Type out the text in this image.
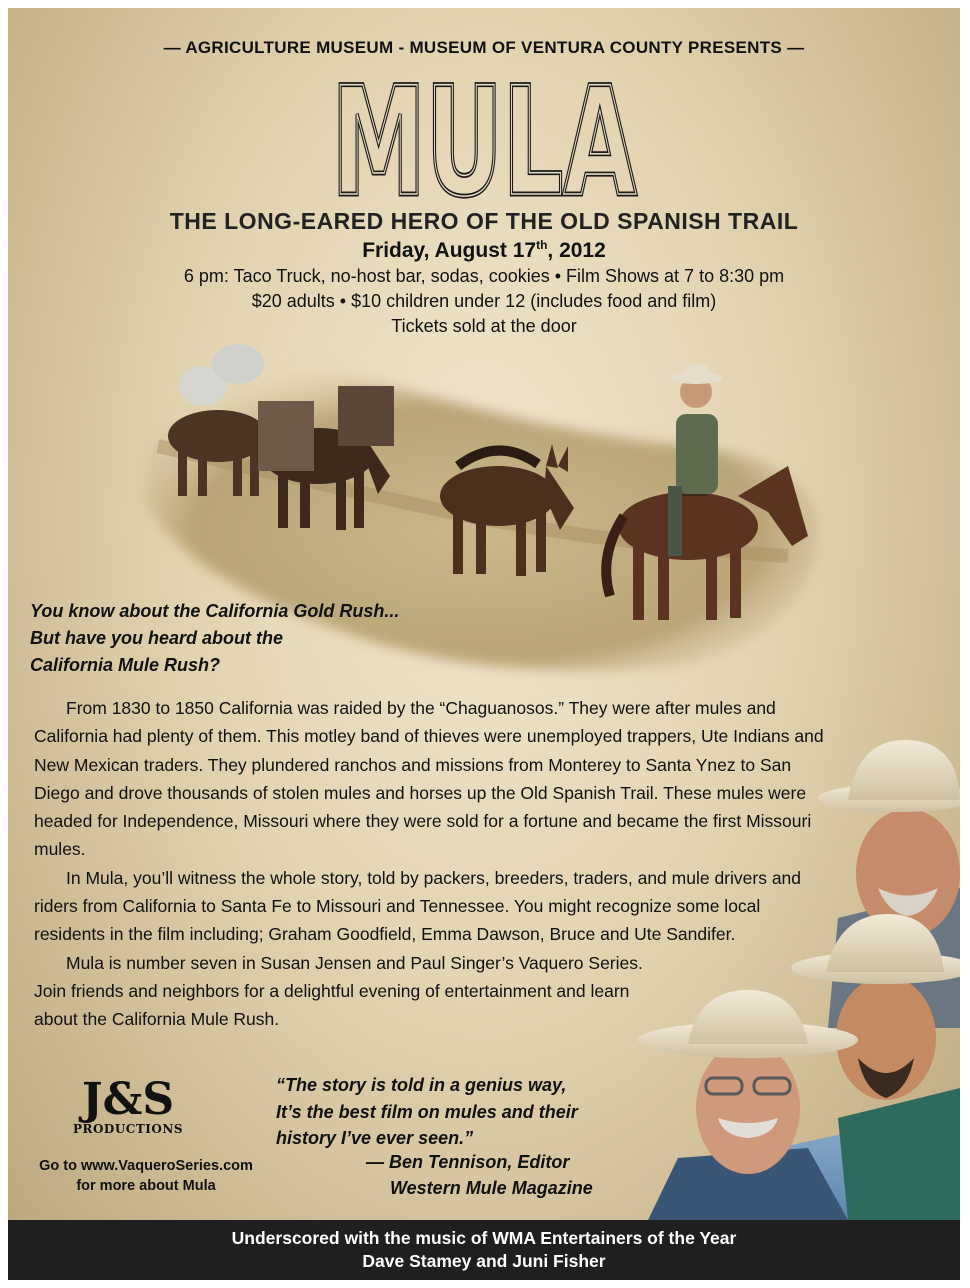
— AGRICULTURE MUSEUM - MUSEUM OF VENTURA COUNTY PRESENTS —
MULA
MULA
THE LONG-EARED HERO OF THE OLD SPANISH TRAIL
Friday, August 17th, 2012
6 pm: Taco Truck, no-host bar, sodas, cookies • Film Shows at 7 to 8:30 pm
$20 adults • $10 children under 12 (includes food and film)
Tickets sold at the door
You know about the California Gold Rush...
But have you heard about the
California Mule Rush?

From 1830 to 1850 California was raided by the “Chaguanosos.” They were after mules and California had plenty of them. This motley band of thieves were unemployed trappers, Ute Indians and New Mexican traders. They plundered ranchos and missions from Monterey to Santa Ynez to San Diego and drove thousands of stolen mules and horses up the Old Spanish Trail. These mules were headed for Independence, Missouri where they were sold for a fortune and became the first Missouri mules.

In Mula, you’ll witness the whole story, told by packers, breeders, traders, and mule drivers and riders from California to Santa Fe to Missouri and Tennessee. You might recognize some local residents in the film including; Graham Goodfield, Emma Dawson, Bruce and Ute Sandifer.

Mula is number seven in Susan Jensen and Paul Singer’s Vaquero Series. Join friends and neighbors for a delightful evening of entertainment and learn about the California Mule Rush.

J&S
PRODUCTIONS
Go to www.VaqueroSeries.com
for more about Mula
“The story is told in a genius way,
It’s the best film on mules and their
history I’ve ever seen.”
— Ben Tennison, Editor
Western Mule Magazine
Underscored with the music of WMA Entertainers of the Year
Dave Stamey and Juni Fisher
